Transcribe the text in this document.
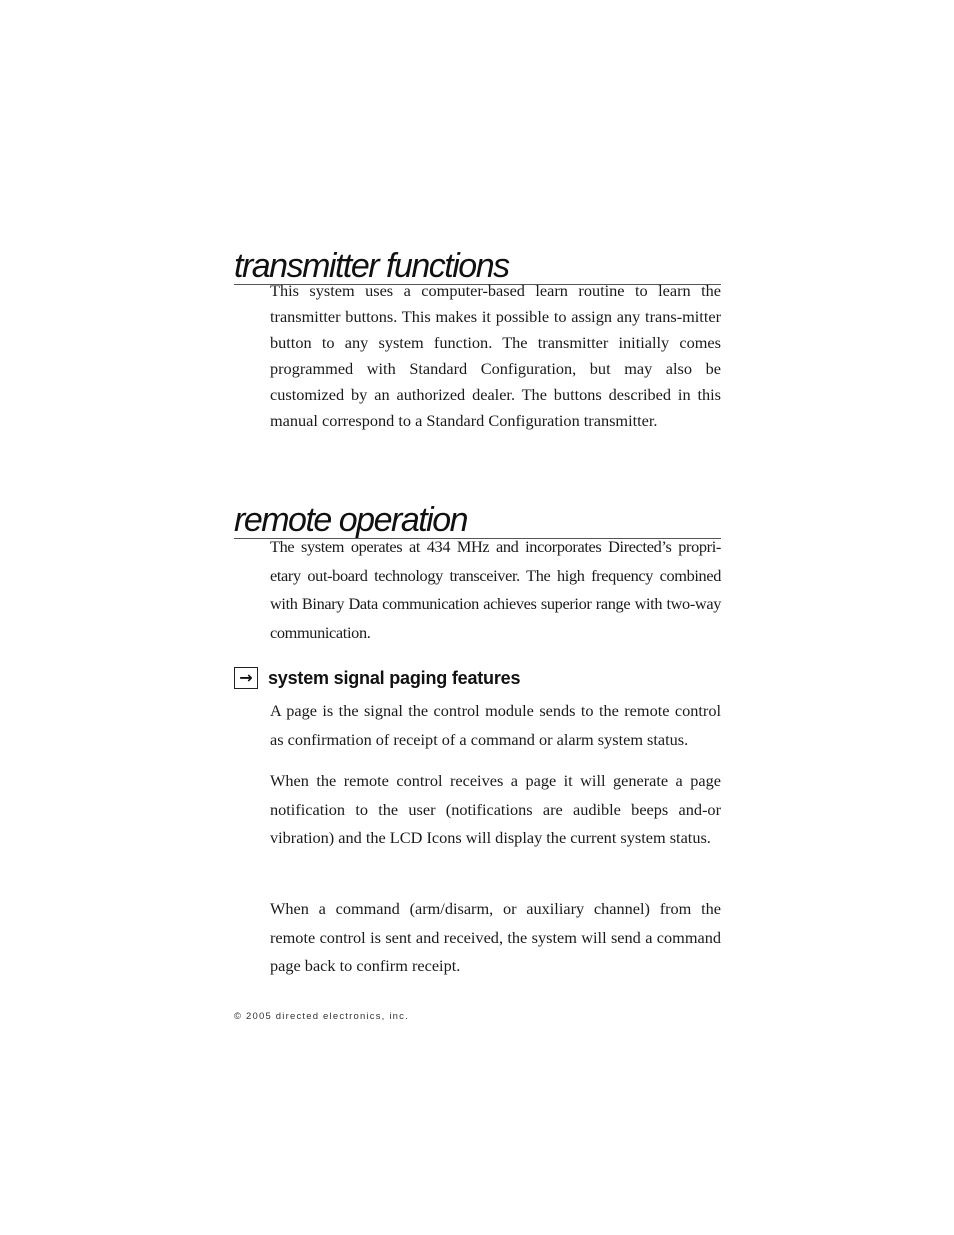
transmitter functions

This system uses a computer-based learn routine to learn the transmitter buttons. This makes it possible to assign any trans-mitter button to any system function. The transmitter initially comes programmed with Standard Configuration, but may also be customized by an authorized dealer. The buttons described in this manual correspond to a Standard Configuration transmitter.

remote operation

The system operates at 434 MHz and incorporates Directed’s propri-etary out-board technology transceiver. The high frequency combined with Binary Data communication achieves superior range with two-way communication.

→ system signal paging features

A page is the signal the control module sends to the remote control as confirmation of receipt of a command or alarm system status.

When the remote control receives a page it will generate a page notification to the user (notifications are audible beeps and-or vibration) and the LCD Icons will display the current system status.

When a command (arm/disarm, or auxiliary channel) from the remote control is sent and received, the system will send a command page back to confirm receipt.

© 2005 directed electronics, inc.
